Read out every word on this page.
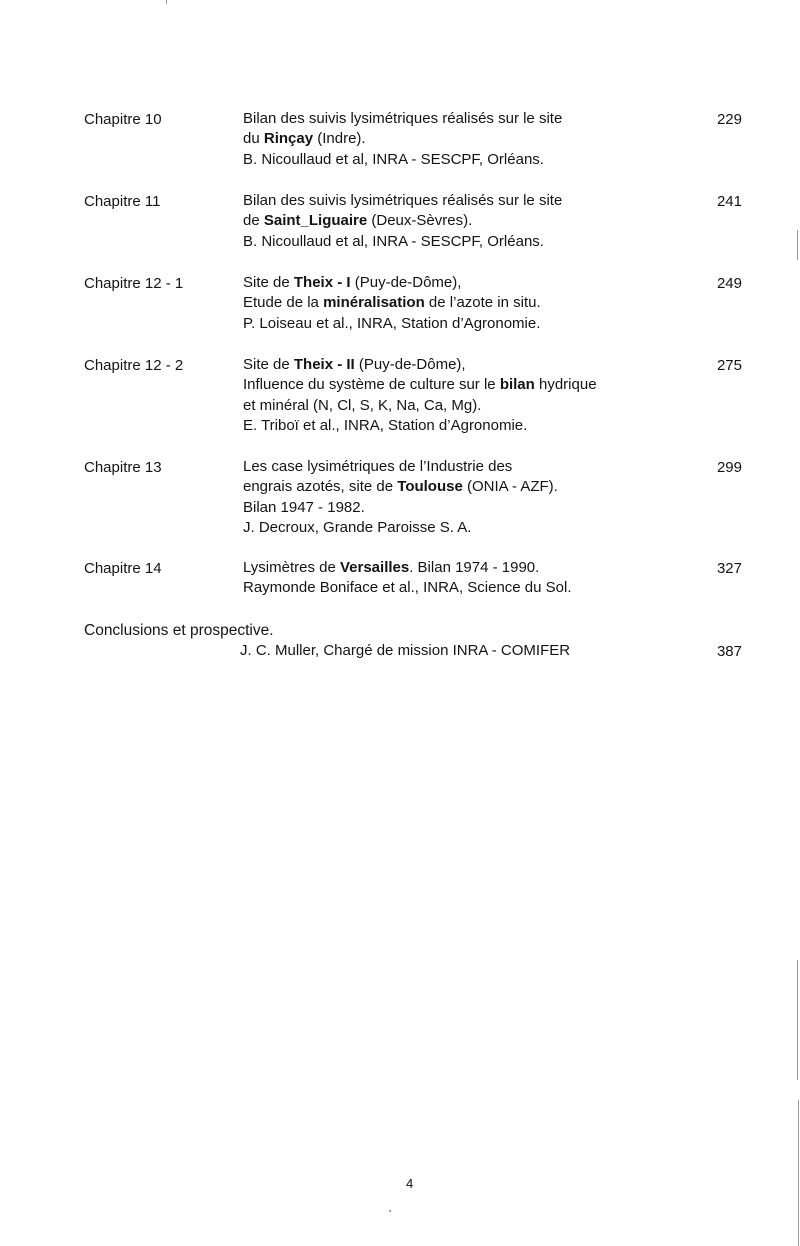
Chapitre 10	Bilan des suivis lysimétriques réalisés sur le site
du Rinçay (Indre).
B. Nicoullaud et al, INRA - SESCPF, Orléans.
229
Chapitre 11	Bilan des suivis lysimétriques réalisés sur le site
de Saint_Liguaire (Deux-Sèvres).
B. Nicoullaud et al, INRA - SESCPF, Orléans.
241
Chapitre 12 - 1	Site de Theix - I (Puy-de-Dôme),
Etude de la minéralisation de l’azote in situ.
P. Loiseau et al., INRA, Station d’Agronomie.
249
Chapitre 12 - 2	Site de Theix - II (Puy-de-Dôme),
Influence du système de culture sur le bilan hydrique
et minéral (N, Cl, S, K, Na, Ca, Mg).
E. Triboï et al., INRA, Station d’Agronomie.
275
Chapitre 13	Les case lysimétriques de l’Industrie des
engrais azotés, site de Toulouse (ONIA - AZF).
Bilan 1947 - 1982.
J. Decroux, Grande Paroisse S. A.
299
Chapitre 14	Lysimètres de Versailles. Bilan 1974 - 1990.
Raymonde Boniface et al., INRA, Science du Sol.
327
Conclusions et prospective.
J. C. Muller, Chargé de mission INRA - COMIFER	387
4
